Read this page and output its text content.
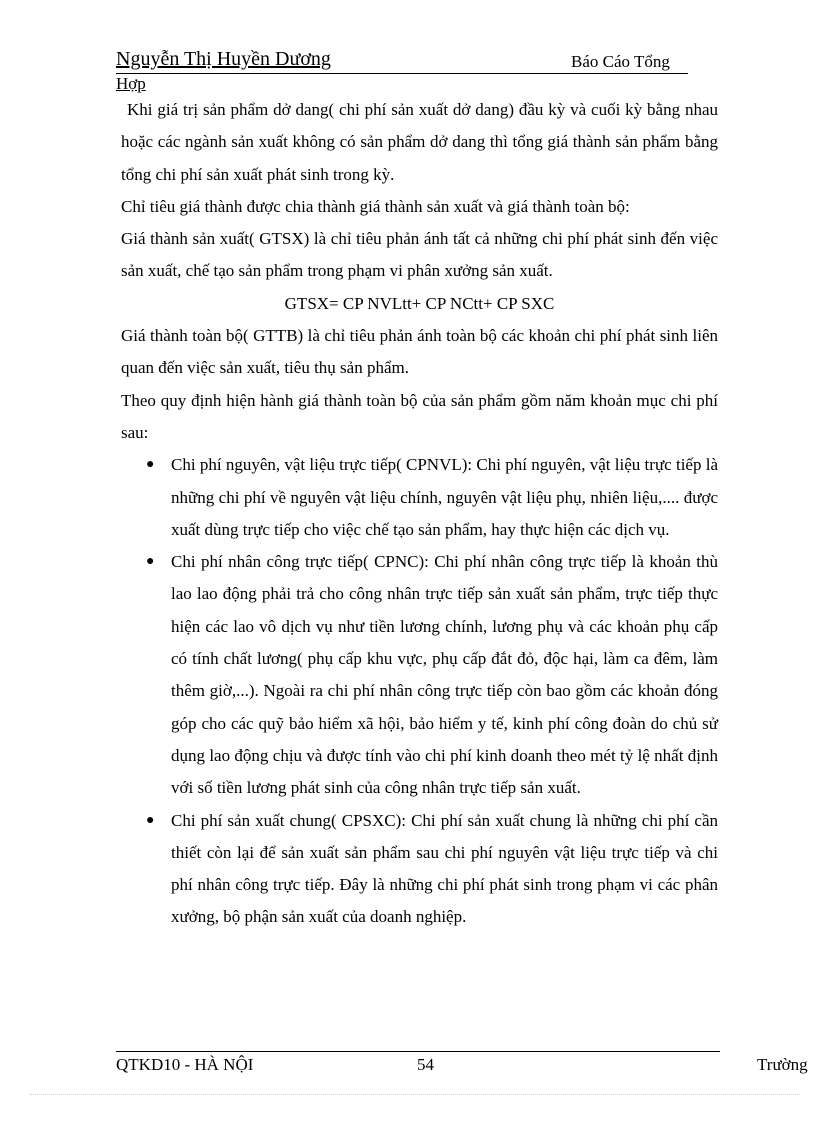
Nguyễn Thị Huyền Dương	Báo Cáo Tổng
Hợp

Khi giá trị sản phẩm dở dang( chi phí sản xuất dở dang) đầu kỳ và cuối kỳ bằng nhau hoặc các ngành sản xuất không có sản phẩm dở dang thì tổng giá thành sản phẩm bằng tổng chi phí sản xuất phát sinh trong kỳ.

Chỉ tiêu giá thành được chia thành giá thành sản xuất và giá thành toàn bộ:

Giá thành sản xuất( GTSX) là chỉ tiêu phản ánh tất cả những chi phí phát sinh đến việc sản xuất, chế tạo sản phẩm trong phạm vi phân xưởng sản xuất.

GTSX= CP NVLtt+ CP NCtt+ CP SXC

Giá thành toàn bộ( GTTB) là chỉ tiêu phản ánh toàn bộ các khoản chi phí phát sinh liên quan đến việc sản xuất, tiêu thụ sản phẩm.

Theo quy định hiện hành giá thành toàn bộ của sản phẩm gồm năm khoản mục chi phí sau:

● Chi phí nguyên, vật liệu trực tiếp( CPNVL): Chi phí nguyên, vật liệu trực tiếp là những chi phí về nguyên vật liệu chính, nguyên vật liệu phụ, nhiên liệu,.... được xuất dùng trực tiếp cho việc chế tạo sản phẩm, hay thực hiện các dịch vụ.
● Chi phí nhân công trực tiếp( CPNC): Chi phí nhân công trực tiếp là khoản thù lao lao động phải trả cho công nhân trực tiếp sản xuất sản phẩm, trực tiếp thực hiện các lao vô dịch vụ như tiền lương chính, lương phụ và các khoản phụ cấp có tính chất lương( phụ cấp khu vực, phụ cấp đắt đỏ, độc hại, làm ca đêm, làm thêm giờ,...). Ngoài ra chi phí nhân công trực tiếp còn bao gồm các khoản đóng góp cho các quỹ bảo hiểm xã hội, bảo hiểm y tế, kinh phí công đoàn do chủ sử dụng lao động chịu và được tính vào chi phí kinh doanh theo mét tỷ lệ nhất định với số tiền lương phát sinh của công nhân trực tiếp sản xuất.
● Chi phí sản xuất chung( CPSXC): Chi phí sản xuất chung là những chi phí cần thiết còn lại để sản xuất sản phẩm sau chi phí nguyên vật liệu trực tiếp và chi phí nhân công trực tiếp. Đây là những chi phí phát sinh trong phạm vi các phân xưởng, bộ phận sản xuất của doanh nghiệp.
QTKD10 - HÀ NỘI	54	Trường
